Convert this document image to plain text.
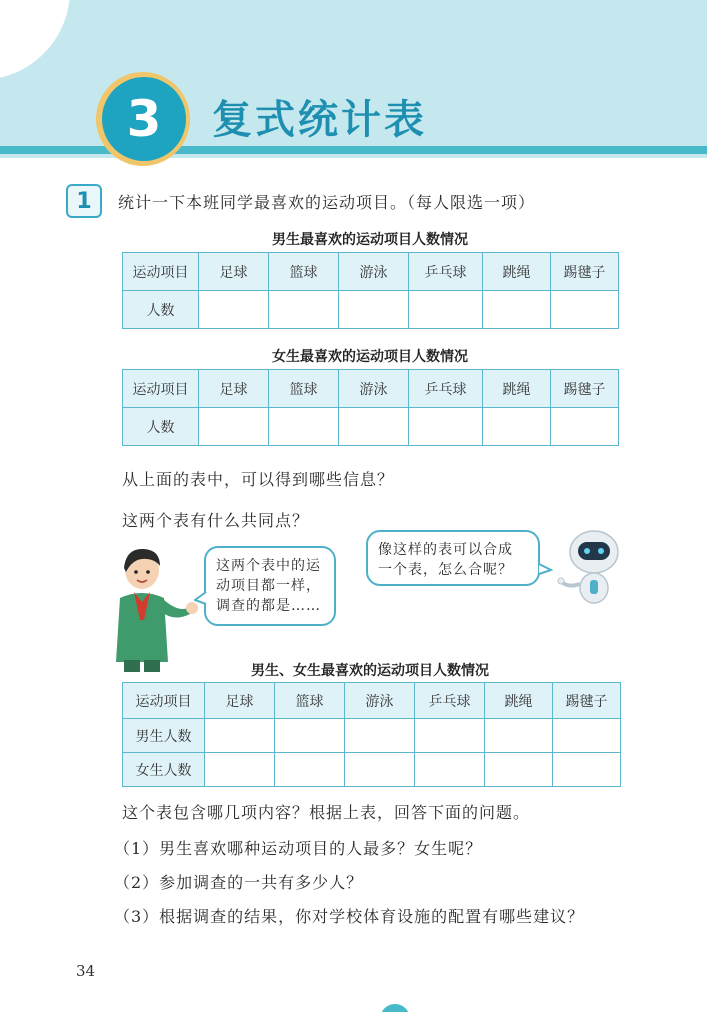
3	复式统计表
1	统计一下本班同学最喜欢的运动项目。（每人限选一项）
男生最喜欢的运动项目人数情况
运动项目	足球	篮球	游泳	乒乓球	跳绳	踢毽子
人数						
女生最喜欢的运动项目人数情况
运动项目	足球	篮球	游泳	乒乓球	跳绳	踢毽子
人数						
从上面的表中，可以得到哪些信息？
这两个表有什么共同点？
这两个表中的运
动项目都一样，
调查的都是……
像这样的表可以合成
一个表，怎么合呢？
男生、女生最喜欢的运动项目人数情况
运动项目	足球	篮球	游泳	乒乓球	跳绳	踢毽子
男生人数						
女生人数						
这个表包含哪几项内容？根据上表，回答下面的问题。
（1）男生喜欢哪种运动项目的人最多？女生呢？
（2）参加调查的一共有多少人？
（3）根据调查的结果，你对学校体育设施的配置有哪些建议？
34
